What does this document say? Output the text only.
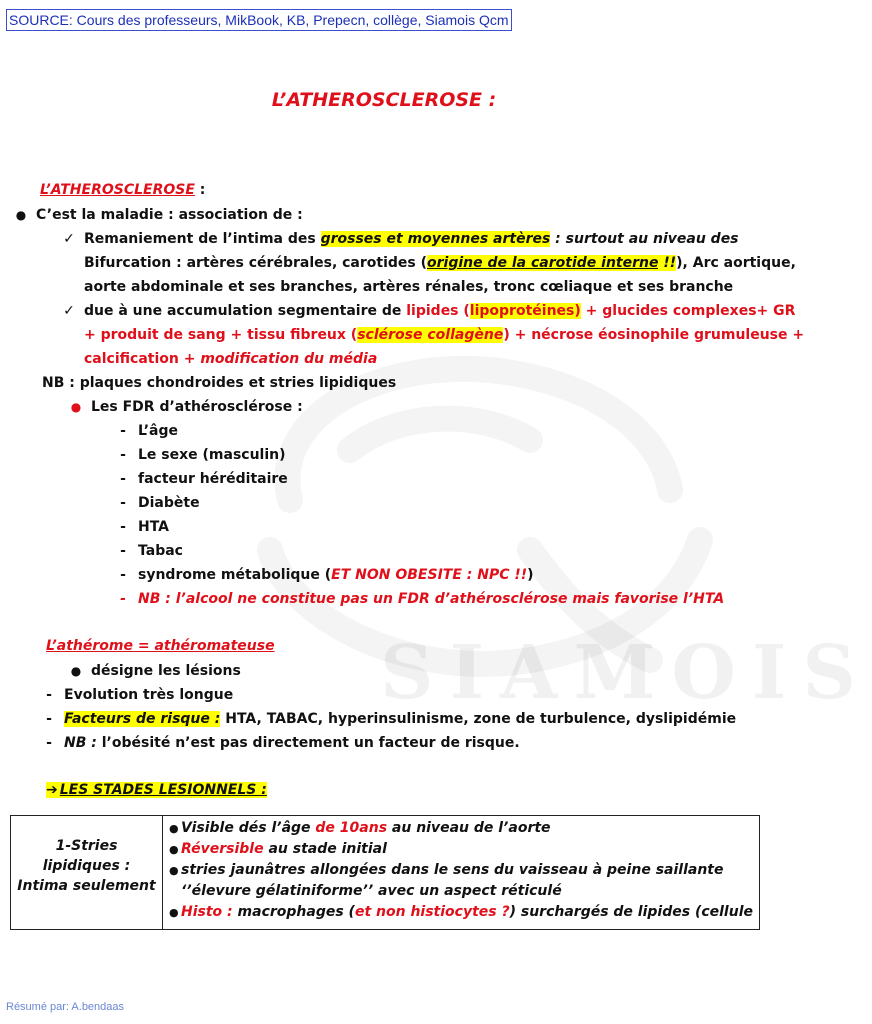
SIAMOIS
SOURCE: Cours des professeurs, MikBook, KB, Prepecn, collège, Siamois Qcm
L’ATHEROSCLEROSE :
L’ATHEROSCLEROSE :
● C’est la maladie : association de :
✓ Remaniement de l’intima des grosses et moyennes artères : surtout au niveau des
Bifurcation : artères cérébrales, carotides (origine de la carotide interne !!), Arc aortique,
aorte abdominale et ses branches, artères rénales, tronc cœliaque et ses branche
✓ due à une accumulation segmentaire de lipides (lipoprotéines) + glucides complexes+ GR
+ produit de sang + tissu fibreux (sclérose collagène) + nécrose éosinophile grumuleuse +
calcification + modification du média
NB : plaques chondroides et stries lipidiques
● Les FDR d’athérosclérose :
- L’âge
- Le sexe (masculin)
- facteur héréditaire
- Diabète
- HTA
- Tabac
- syndrome métabolique (ET NON OBESITE : NPC !!)
- NB : l’alcool ne constitue pas un FDR d’athérosclérose mais favorise l’HTA
L’athérome = athéromateuse
● désigne les lésions
- Evolution très longue
- Facteurs de risque : HTA, TABAC, hyperinsulinisme, zone de turbulence, dyslipidémie
- NB : l’obésité n’est pas directement un facteur de risque.
➔ LES STADES LESIONNELS :
1-Stries lipidiques :
Intima seulement

● Visible dés l’âge de 10ans au niveau de l’aorte
● Réversible au stade initial
● stries jaunâtres allongées dans le sens du vaisseau à peine saillante
‘’élevure gélatiniforme’’ avec un aspect réticulé
● Histo : macrophages (et non histiocytes ?) surchargés de lipides (cellule
Résumé par: A.bendaas
